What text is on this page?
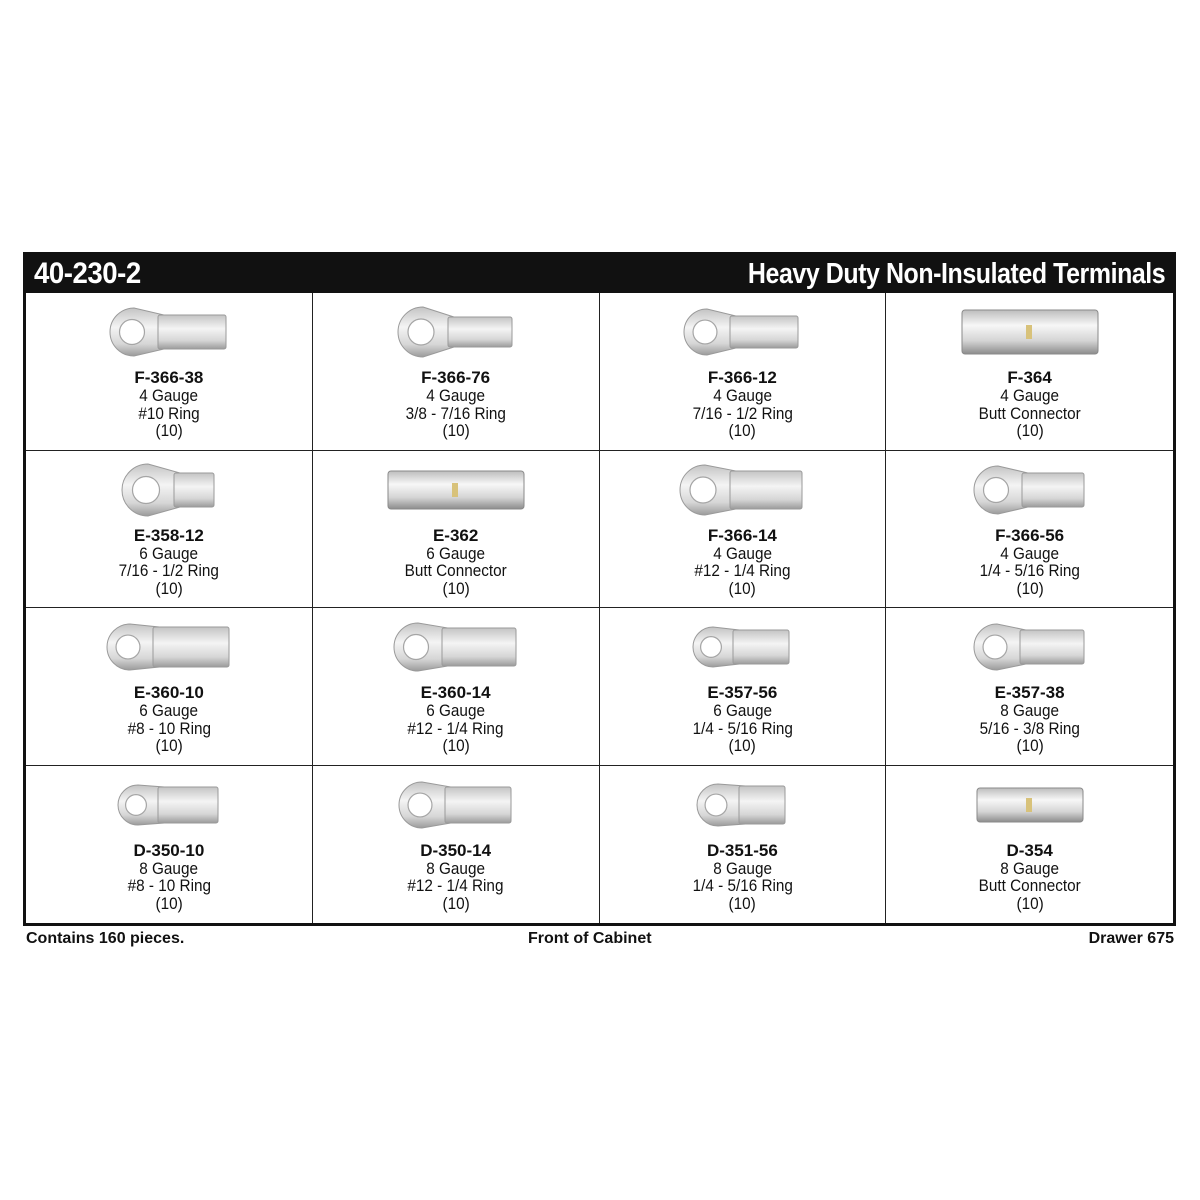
40-230-2	Heavy Duty Non-Insulated Terminals
F-366-38
4 Gauge
#10 Ring
(10)
F-366-76
4 Gauge
3/8 - 7/16 Ring
(10)
F-366-12
4 Gauge
7/16 - 1/2 Ring
(10)
F-364
4 Gauge
Butt Connector
(10)
E-358-12
6 Gauge
7/16 - 1/2 Ring
(10)
E-362
6 Gauge
Butt Connector
(10)
F-366-14
4 Gauge
#12 - 1/4 Ring
(10)
F-366-56
4 Gauge
1/4 - 5/16 Ring
(10)
E-360-10
6 Gauge
#8 - 10 Ring
(10)
E-360-14
6 Gauge
#12 - 1/4 Ring
(10)
E-357-56
6 Gauge
1/4 - 5/16 Ring
(10)
E-357-38
8 Gauge
5/16 - 3/8 Ring
(10)
D-350-10
8 Gauge
#8 - 10 Ring
(10)
D-350-14
8 Gauge
#12 - 1/4 Ring
(10)
D-351-56
8 Gauge
1/4 - 5/16 Ring
(10)
D-354
8 Gauge
Butt Connector
(10)
Contains 160 pieces.	Front of Cabinet	Drawer 675
